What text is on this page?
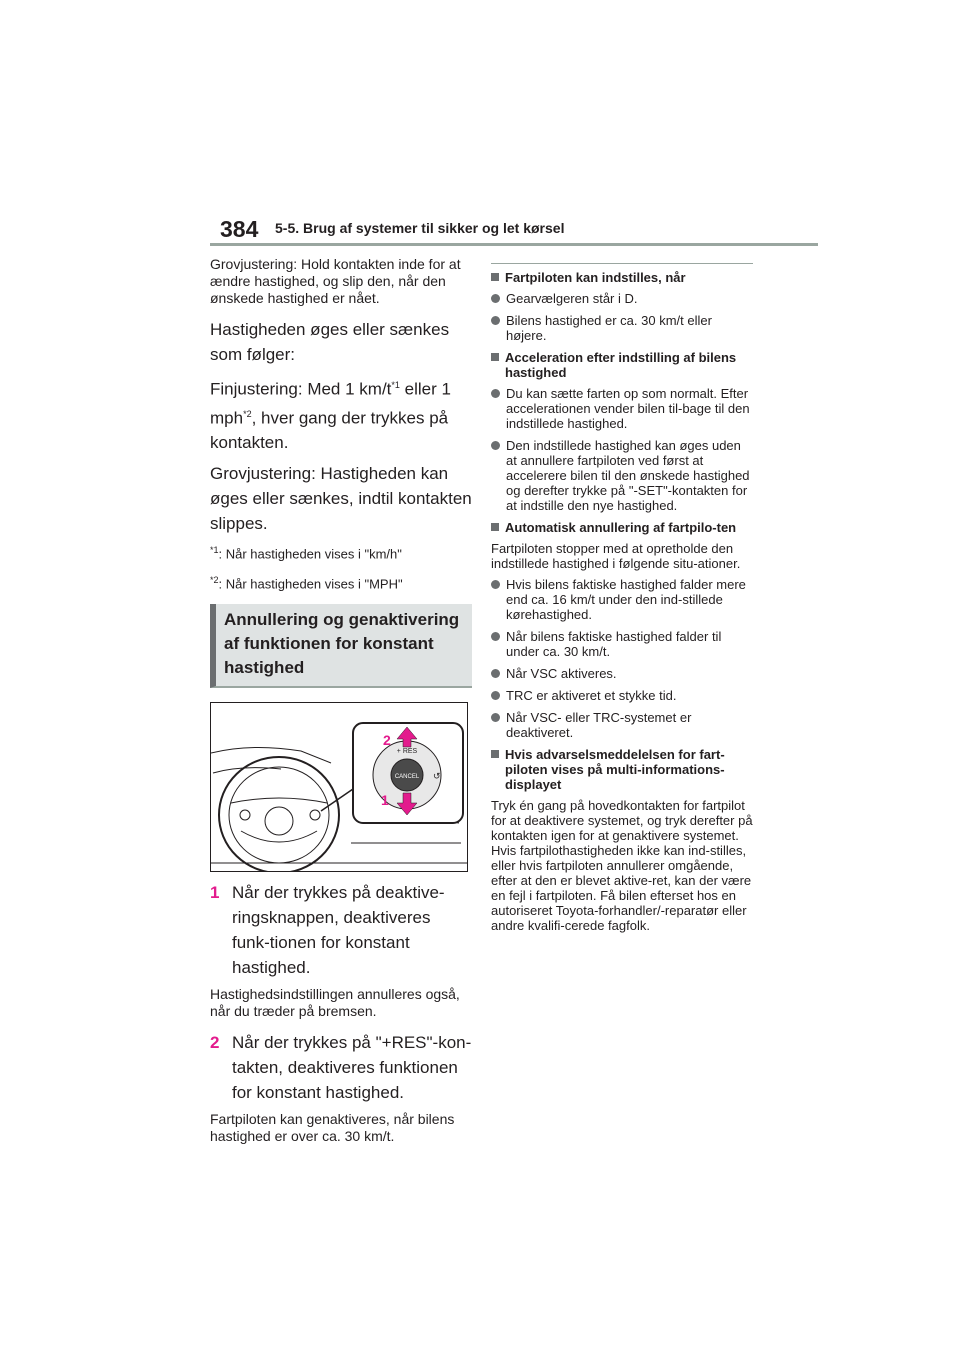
384 5-5. Brug af systemer til sikker og let kørsel

Grovjustering: Hold kontakten inde for at ændre hastighed, og slip den, når den ønskede hastighed er nået.

Hastigheden øges eller sænkes som følger:

Finjustering: Med 1 $km/t^{*1}$ eller 1 mph$^{*2}$, hver gang der trykkes på kontakten.

Grovjustering: Hastigheden kan øges eller sænkes, indtil kontakten slippes.

$^{*1}$: Når hastigheden vises i "km/h"

$^{*2}$: Når hastigheden vises i "MPH"

Annullering og genaktivering af funktionen for konstant hastighed
CANCEL
+ RES
↺
2
1
1 Når der trykkes på deaktive-ringsknappen, deaktiveres funk-tionen for konstant hastighed.

Hastighedsindstillingen annulleres også, når du træder på bremsen.

2 Når der trykkes på "+RES"-kon-takten, deaktiveres funktionen for konstant hastighed.

Fartpiloten kan genaktiveres, når bilens hastighed er over ca. 30 km/t.

Fartpiloten kan indstilles, når
Gearvælgeren står i D.
Bilens hastighed er ca. 30 km/t eller højere.
Acceleration efter indstilling af bilens hastighed
Du kan sætte farten op som normalt. Efter accelerationen vender bilen til-bage til den indstillede hastighed.
Den indstillede hastighed kan øges uden at annullere fartpiloten ved først at accelerere bilen til den ønskede hastighed og derefter trykke på "-SET"-kontakten for at indstille den nye hastighed.
Automatisk annullering af fartpilo-ten

Fartpiloten stopper med at opretholde den indstillede hastighed i følgende situ-ationer.

Hvis bilens faktiske hastighed falder mere end ca. 16 km/t under den ind-stillede kørehastighed.
Når bilens faktiske hastighed falder til under ca. 30 km/t.
Når VSC aktiveres.
TRC er aktiveret et stykke tid.
Når VSC- eller TRC-systemet er deaktiveret.
Hvis advarselsmeddelelsen for fart-piloten vises på multi-informations-displayet

Tryk én gang på hovedkontakten for fartpilot for at deaktivere systemet, og tryk derefter på kontakten igen for at genaktivere systemet.
Hvis fartpilothastigheden ikke kan ind-stilles, eller hvis fartpiloten annullerer omgående, efter at den er blevet aktive-ret, kan der være en fejl i fartpiloten. Få bilen efterset hos en autoriseret Toyota-forhandler/-reparatør eller andre kvalifi-cerede fagfolk.
